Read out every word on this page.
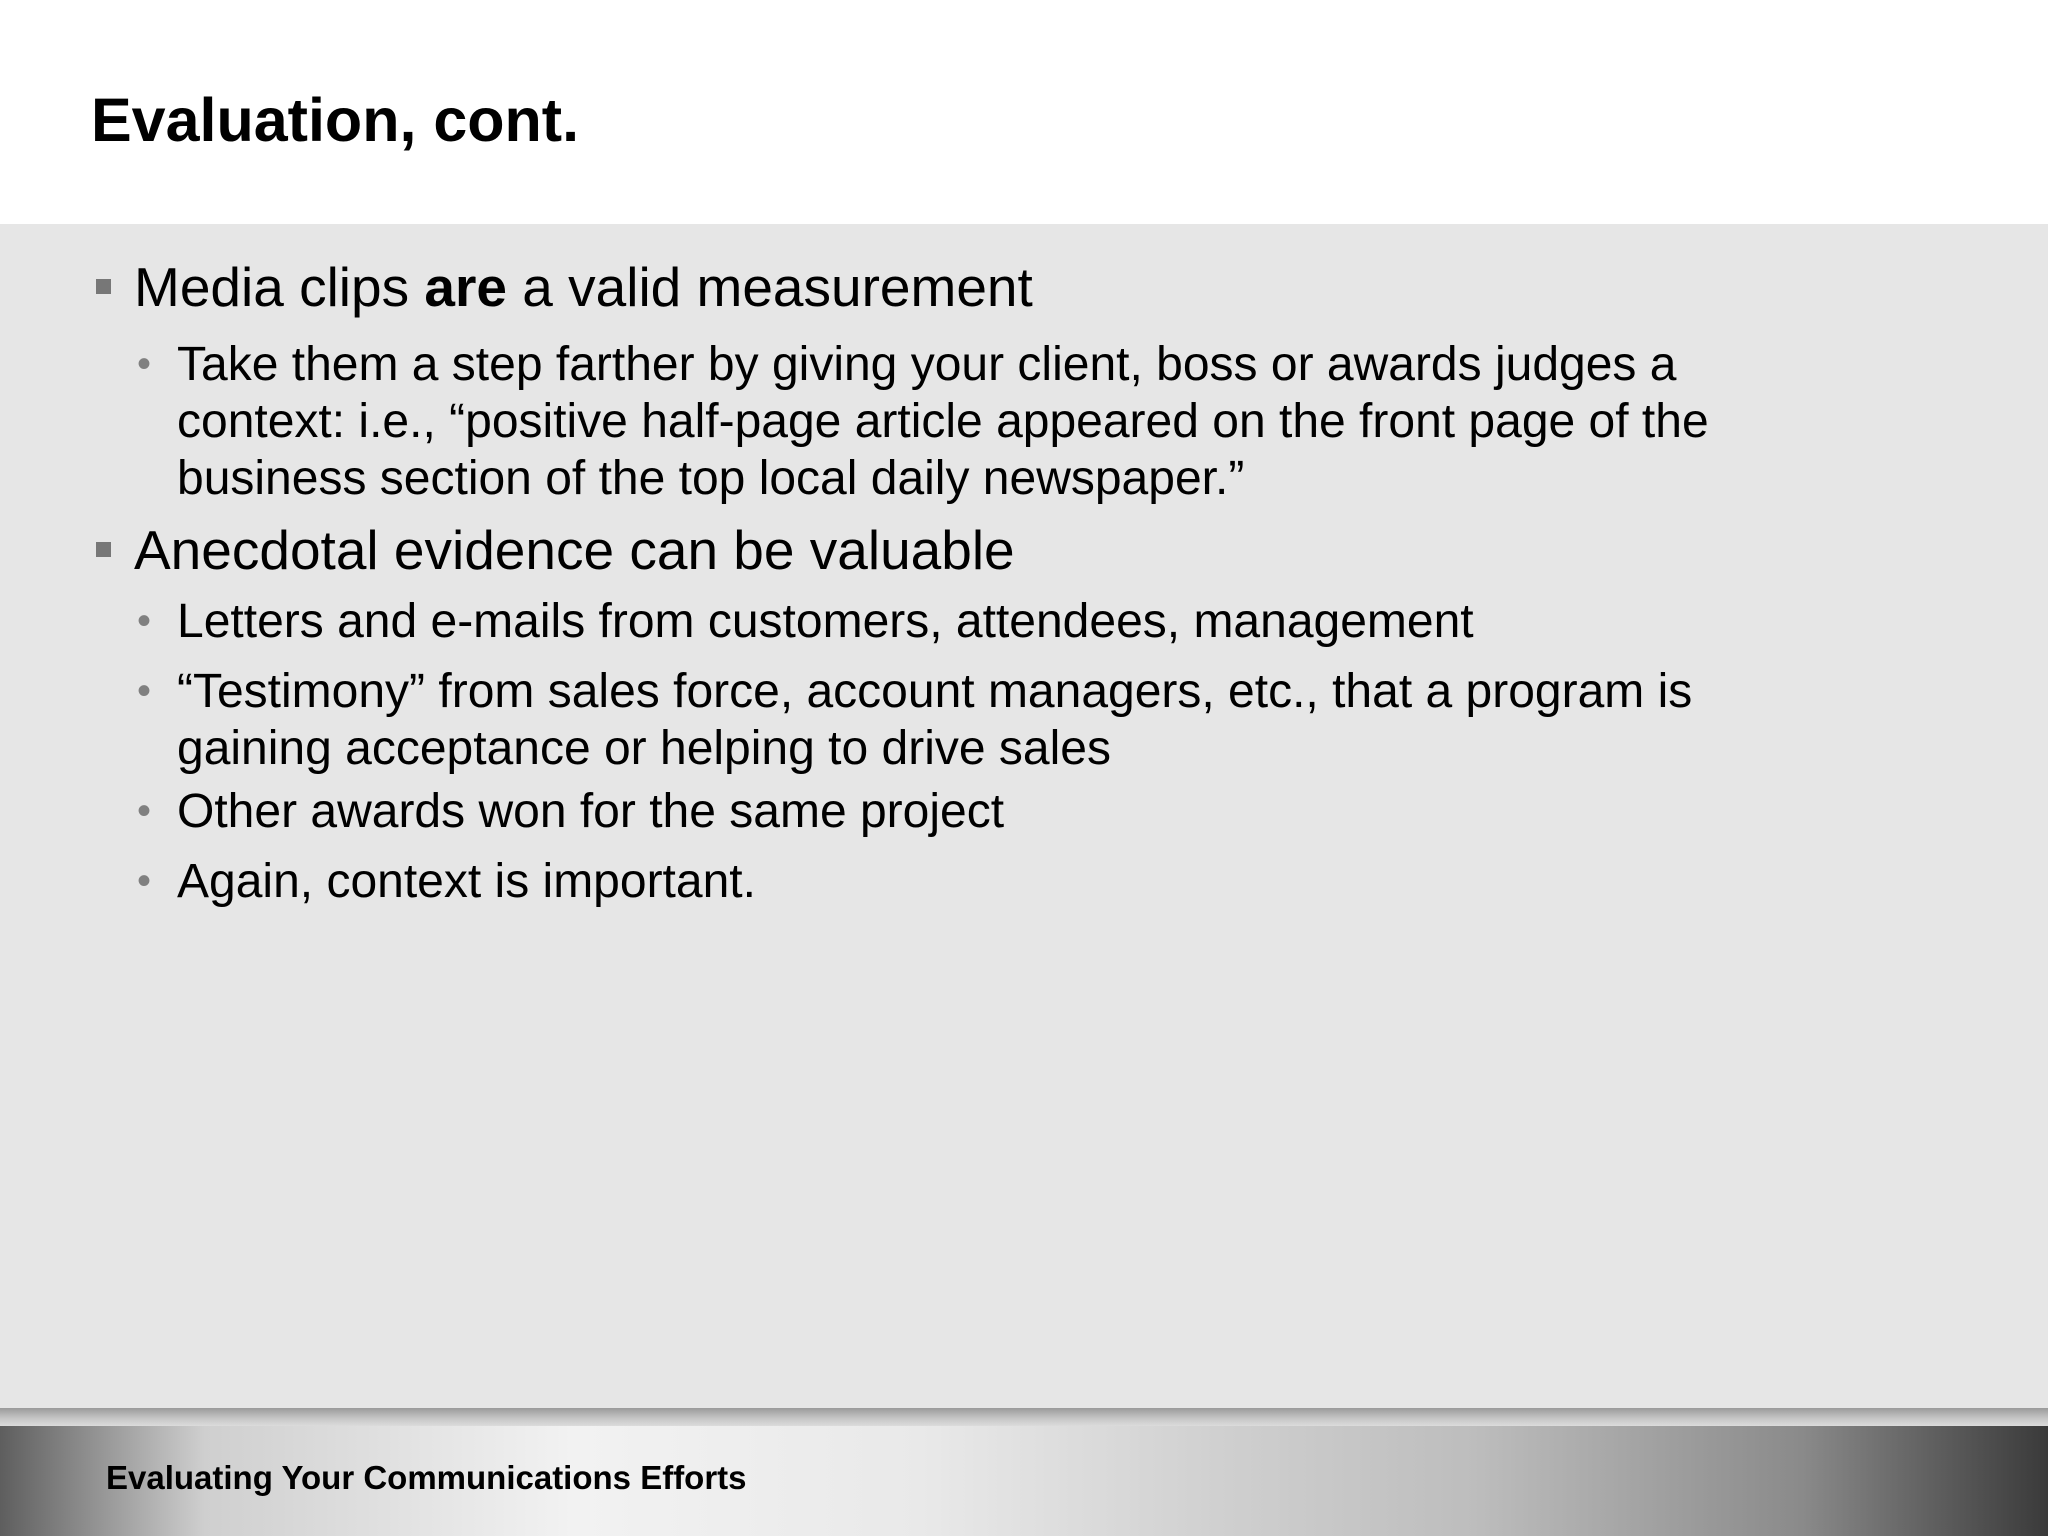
Evaluation, cont.
Media clips are a valid measurement
• Take them a step farther by giving your client, boss or awards judges a
context: i.e., “positive half-page article appeared on the front page of the
business section of the top local daily newspaper.”
Anecdotal evidence can be valuable
• Letters and e-mails from customers, attendees, management
• “Testimony” from sales force, account managers, etc., that a program is
gaining acceptance or helping to drive sales
• Other awards won for the same project
• Again, context is important.

Evaluating Your Communications Efforts
